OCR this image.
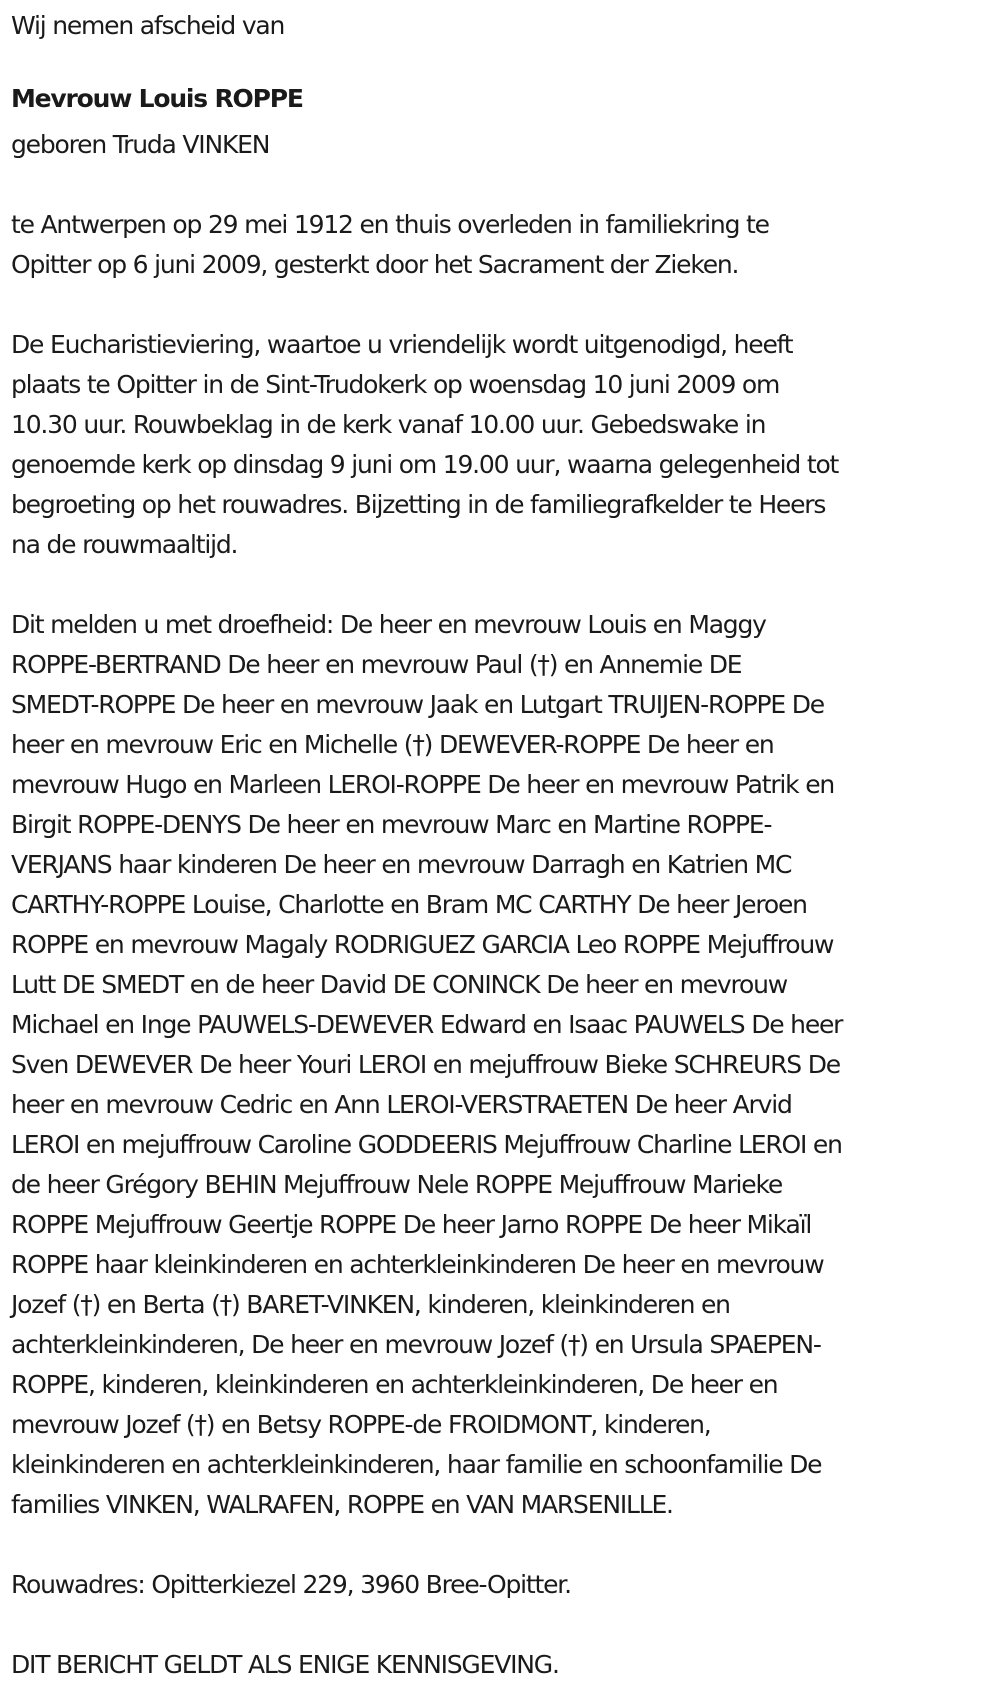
Wij nemen afscheid van

Mevrouw Louis ROPPE

geboren Truda VINKEN

te Antwerpen op 29 mei 1912 en thuis overleden in familiekring te

Opitter op 6 juni 2009, gesterkt door het Sacrament der Zieken.

De Eucharistieviering, waartoe u vriendelijk wordt uitgenodigd, heeft

plaats te Opitter in de Sint-Trudokerk op woensdag 10 juni 2009 om

10.30 uur. Rouwbeklag in de kerk vanaf 10.00 uur. Gebedswake in

genoemde kerk op dinsdag 9 juni om 19.00 uur, waarna gelegenheid tot

begroeting op het rouwadres. Bijzetting in de familiegrafkelder te Heers

na de rouwmaaltijd.

Dit melden u met droefheid: De heer en mevrouw Louis en Maggy

ROPPE-BERTRAND De heer en mevrouw Paul (†) en Annemie DE

SMEDT-ROPPE De heer en mevrouw Jaak en Lutgart TRUIJEN-ROPPE De

heer en mevrouw Eric en Michelle (†) DEWEVER-ROPPE De heer en

mevrouw Hugo en Marleen LEROI-ROPPE De heer en mevrouw Patrik en

Birgit ROPPE-DENYS De heer en mevrouw Marc en Martine ROPPE-

VERJANS haar kinderen De heer en mevrouw Darragh en Katrien MC

CARTHY-ROPPE Louise, Charlotte en Bram MC CARTHY De heer Jeroen

ROPPE en mevrouw Magaly RODRIGUEZ GARCIA Leo ROPPE Mejuffrouw

Lutt DE SMEDT en de heer David DE CONINCK De heer en mevrouw

Michael en Inge PAUWELS-DEWEVER Edward en Isaac PAUWELS De heer

Sven DEWEVER De heer Youri LEROI en mejuffrouw Bieke SCHREURS De

heer en mevrouw Cedric en Ann LEROI-VERSTRAETEN De heer Arvid

LEROI en mejuffrouw Caroline GODDEERIS Mejuffrouw Charline LEROI en

de heer Grégory BEHIN Mejuffrouw Nele ROPPE Mejuffrouw Marieke

ROPPE Mejuffrouw Geertje ROPPE De heer Jarno ROPPE De heer Mikaïl

ROPPE haar kleinkinderen en achterkleinkinderen De heer en mevrouw

Jozef (†) en Berta (†) BARET-VINKEN, kinderen, kleinkinderen en

achterkleinkinderen, De heer en mevrouw Jozef (†) en Ursula SPAEPEN-

ROPPE, kinderen, kleinkinderen en achterkleinkinderen, De heer en

mevrouw Jozef (†) en Betsy ROPPE-de FROIDMONT, kinderen,

kleinkinderen en achterkleinkinderen, haar familie en schoonfamilie De

families VINKEN, WALRAFEN, ROPPE en VAN MARSENILLE.

Rouwadres: Opitterkiezel 229, 3960 Bree-Opitter.

DIT BERICHT GELDT ALS ENIGE KENNISGEVING.
